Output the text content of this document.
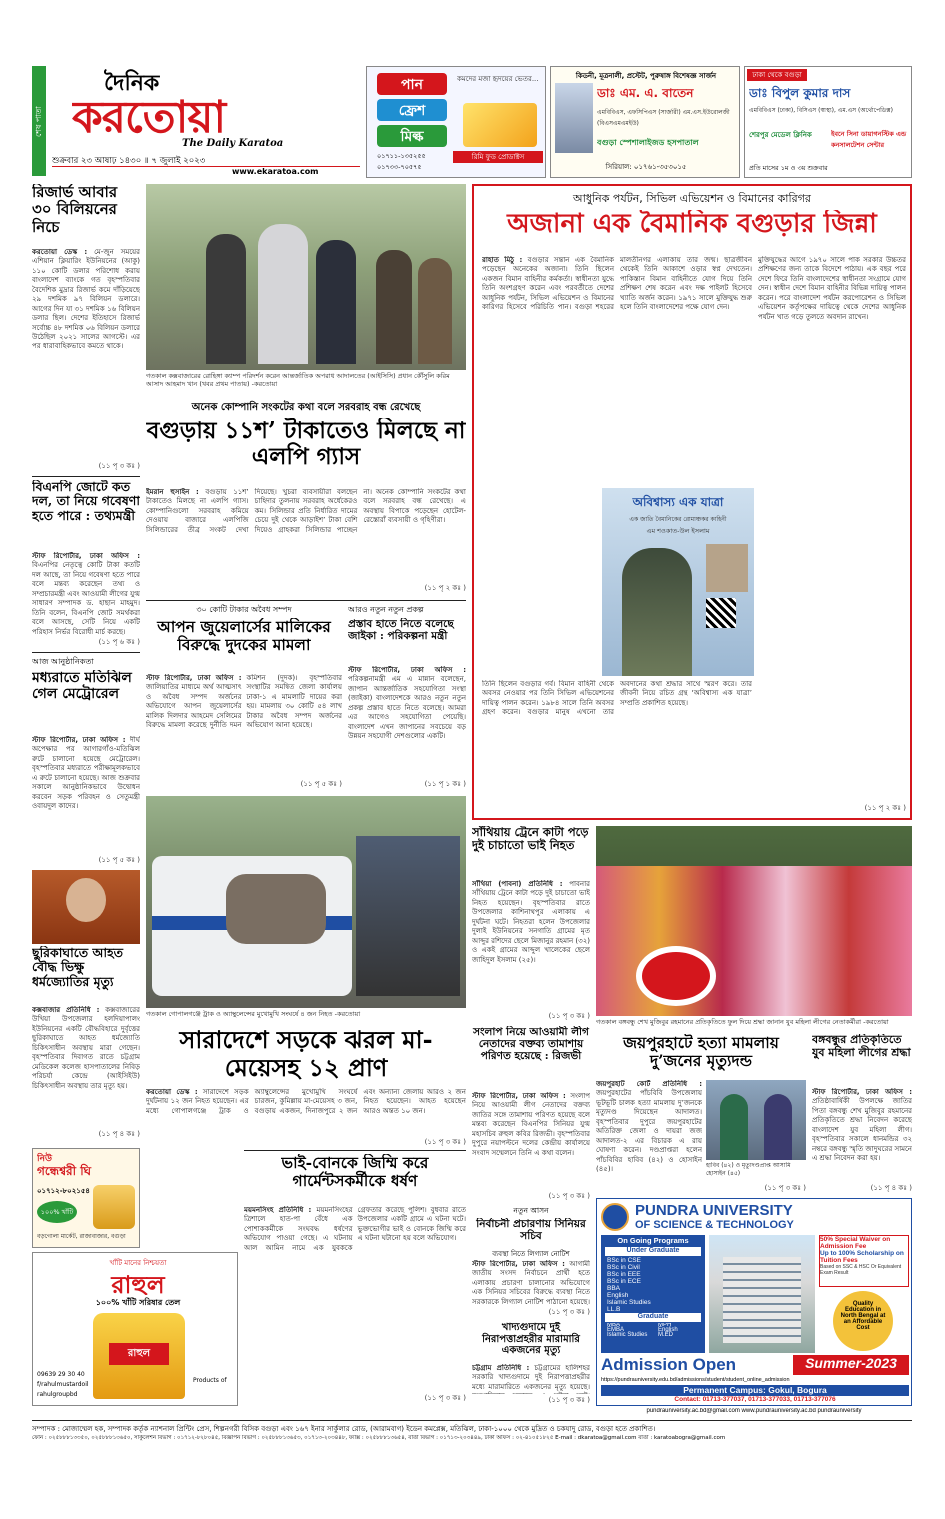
শেষ পাতা
দৈনিক
করতোয়া
The Daily Karatoa
শুক্রবার ২৩ আষাঢ় ১৪৩০ ॥ ৭ জুলাই ২০২৩
www.ekaratoa.com
পান
ফ্রেশ
মিল্ক
কমদের মজা হৃদয়ের ভেতর...
রিমি ফুড প্রোডাক্টস
০১৭১১-১৩৫২৫৫ ০১৭৩৩-৭০৫৭৫
কিডনী, মূত্রনালী, প্রস্টেট, পুরুষাঙ্গ বিশেষজ্ঞ সার্জন
ডাঃ এম. এ. বাতেন
এমবিবিএস, এফসিপিএস (সার্জারী) এম.এস.ইউরোলজী (বিএসএমএমইউ)
বগুড়া স্পেশালাইজড হসপাতাল
সিরিয়াল: ০১৭৬১-৩৫৩০১৫
ঢাকা থেকে বগুড়া
ডাঃ বিপুল কুমার দাস
এমবিবিএস (ঢাকা), বিসিএস (স্বাস্থ্য), এম.এস (অর্থোপেডিক্স)
শেরপুর মেডেল ক্লিনিক	ইবনে সিনা ডায়াগনস্টিক এন্ড কনসালটেশন সেন্টার
প্রতি মাসের ১ম ও ৩য় শুক্রবার
রিজার্ভ আবার ৩০ বিলিয়নের নিচে
করতোয়া ডেস্ক : মে-জুন সময়ের এশিয়ান ক্লিয়ারিং ইউনিয়নের (আকু) ১১০ কোটি ডলার পরিশোধ করায় বাংলাদেশ ব্যাংকে গত বৃহস্পতিবার বৈদেশিক মুদ্রার রিজার্ভ কমে দাঁড়িয়েছে ২৯ দশমিক ৯৭ বিলিয়ন ডলারে। আগের দিন যা ৩১ দশমিক ১৬ বিলিয়ন ডলার ছিল। দেশের ইতিহাসে রিজার্ভ সর্বোচ্চ ৪৮ দশমিক ০৬ বিলিয়ন ডলারে উঠেছিল ২০২১ সালের আগস্টে। এর পর ধারাবাহিকভাবে কমতে থাকে।
(১১ পৃ ৩ কঃ )
বিএনপি জোটে কত দল, তা নিয়ে গবেষণা হতে পারে : তথ্যমন্ত্রী
স্টাফ রিপোর্টার, ঢাকা অফিস : বিএনপির নেতৃত্বে কোটি টাকা কতটি দল আছে, তা নিয়ে গবেষণা হতে পারে বলে মন্তব্য করেছেন তথ্য ও সম্প্রচারমন্ত্রী এবং আওয়ামী লীগের যুগ্ম সাধারণ সম্পাদক ড. হাছান মাহমুদ। তিনি বলেন, বিএনপি জোট সমর্থকরা বলে আসছে, সেটি নিয়ে একটি পরিহাস নির্ভর বিরোধী মার্চ করছে।
(১১ পৃ ৬ কঃ )
আজ আনুষ্ঠানিকতা
মধ্যরাতে মতিঝিল গেল মেট্রোরেল
স্টাফ রিপোর্টার, ঢাকা অফিস : দীর্ঘ অপেক্ষার পর আগারগাঁও-মতিঝিল রুটে চালানো হয়েছে মেট্রোরেল। বৃহস্পতিবার মধ্যরাতে পরীক্ষামূলকভাবে এ রুটে চালানো হয়েছে। আজ শুক্রবার সকালে আনুষ্ঠানিকভাবে উদ্বোধন করবেন সড়ক পরিবহন ও সেতুমন্ত্রী ওবায়দুল কাদের।
(১১ পৃ ৫ কঃ )
ছুরিকাঘাতে আহত বৌদ্ধ ভিক্ষু ধর্মজ্যোতির মৃত্যু
কক্সবাজার প্রতিনিধি : কক্সবাজারের উখিয়া উপজেলার হলদিয়াপালং ইউনিয়নের একটি বৌদ্ধবিহারে দুর্বৃত্তের ছুরিকাঘাতে আহত ধর্মজ্যোতি চিকিৎসাধীন অবস্থায় মারা গেছেন। বৃহস্পতিবার দিবাগত রাতে চট্টগ্রাম মেডিকেল কলেজ হাসপাতালের নিবিড় পরিচর্যা কেন্দ্রে (আইসিইউ) চিকিৎসাধীন অবস্থায় তার মৃত্যু হয়।
(১১ পৃ ৪ কঃ )
নিউ
গন্ধেশ্বরী ঘি
০১৭১২-৮০২১৫৪
১০০% খাঁটি
বড়গোলা মার্কেট, রাজাবাজার, বগুড়া
খাঁটি মানের নিশ্চয়তা
রাহুল
১০০% খাঁটি সরিষার তেল
রাহুল
09639 29 30 40
f/rahulmustardoil
rahulgroupbd
Products of
গতকাল কক্সবাজারের রোহিঙ্গা ক্যাম্প পরিদর্শন করেন আন্তর্জাতিক অপরাধ আদালতের (আইসিসি) প্রধান কৌঁসুলি করিম আসাদ আহমাদ খান (খবর প্রথম পাতায়) -করতোয়া
অনেক কোম্পানি সংকটের কথা বলে সরবরাহ বন্ধ রেখেছে
বগুড়ায় ১১শ’ টাকাতেও মিলছে না এলপি গ্যাস
ইমরান হুসাইন : বগুড়ায় ১১শ’ টাকাতেও মিলছে না এলপি গ্যাস। কোম্পানিগুলো সরবরাহ কমিয়ে দেওয়ায় বাজারে এলপিজি সিলিন্ডারের তীব্র সংকট দেখা দিয়েছে। খুচরা ব্যবসায়ীরা বলছেন চাহিদার তুলনায় সরবরাহ অর্ধেকেরও কম। সিলিন্ডার প্রতি নির্ধারিত দামের চেয়ে দুই থেকে আড়াইশ’ টাকা বেশি দিয়েও গ্রাহকরা সিলিন্ডার পাচ্ছেন না। অনেক কোম্পানি সংকটের কথা বলে সরবরাহ বন্ধ রেখেছে। এ অবস্থায় বিপাকে পড়েছেন হোটেল-রেস্তোরাঁ ব্যবসায়ী ও গৃহিণীরা।
(১১ পৃ ২ কঃ )
৩০ কোটি টাকার অবৈধ সম্পদ
আপন জুয়েলার্সের মালিকের বিরুদ্ধে দুদকের মামলা
স্টাফ রিপোর্টার, ঢাকা অফিস : জালিয়াতির মাধ্যমে অর্থ আত্মসাৎ ও অবৈধ সম্পদ অর্জনের অভিযোগে আপন জুয়েলার্সের মালিক দিলদার আহমেদ সেলিমের বিরুদ্ধে মামলা করেছে দুর্নীতি দমন কমিশন (দুদক)। বৃহস্পতিবার সংস্থাটির সমন্বিত জেলা কার্যালয় ঢাকা-১ এ মামলাটি দায়ের করা হয়। মামলায় ৩০ কোটি ৫৪ লাখ টাকার অবৈধ সম্পদ অর্জনের অভিযোগ আনা হয়েছে।
(১১ পৃ ৫ কঃ )
আরও নতুন নতুন প্রকল্প
প্রস্তাব হাতে নিতে বলেছে জাইকা : পরিকল্পনা মন্ত্রী
স্টাফ রিপোর্টার, ঢাকা অফিস : পরিকল্পনামন্ত্রী এম এ মান্নান বলেছেন, জাপান আন্তর্জাতিক সহযোগিতা সংস্থা (জাইকা) বাংলাদেশকে আরও নতুন নতুন প্রকল্প প্রস্তাব হাতে নিতে বলেছে। আমরা এর আগেও সহযোগিতা পেয়েছি। বাংলাদেশ এখন জাপানের সবচেয়ে বড় উন্নয়ন সহযোগী দেশগুলোর একটি।
(১১ পৃ ১ কঃ )
গতকাল গোপালগঞ্জে ট্রাক ও অ্যাম্বুলেন্সের মুখোমুখি সংঘর্ষে ৪ জন নিহত -করতোয়া
সারাদেশে সড়কে ঝরল মা-মেয়েসহ ১২ প্রাণ
করতোয়া ডেস্ক : সারাদেশে সড়ক দুর্ঘটনায় ১২ জন নিহত হয়েছেন। এর মধ্যে গোপালগঞ্জে ট্রাক ও অ্যাম্বুলেন্সের মুখোমুখি সংঘর্ষে চারজন, কুমিল্লায় মা-মেয়েসহ ৩ জন, বগুড়ায় একজন, দিনাজপুরে ২ জন এবং অন্যান্য জেলায় আরও ২ জন নিহত হয়েছেন। আহত হয়েছেন আরও অন্তত ১০ জন।
(১১ পৃ ৩ কঃ )
ভাই-বোনকে জিম্মি করে গার্মেন্টসকর্মীকে ধর্ষণ
ময়মনসিংহ প্রতিনিধি : ময়মনসিংহের ত্রিশালে হাত-পা বেঁধে এক পোশাককর্মীকে সংঘবদ্ধ ধর্ষণের অভিযোগ পাওয়া গেছে। এ ঘটনায় আল আমিন নামে এক যুবককে গ্রেফতার করেছে পুলিশ। বুধবার রাতে উপজেলার একটি গ্রামে এ ঘটনা ঘটে। ভুক্তভোগীর ভাই ও বোনকে জিম্মি করে এ ঘটনা ঘটানো হয় বলে অভিযোগ।
(১১ পৃ ৩ কঃ )
আধুনিক পর্যটন, সিভিল এভিয়েশন ও বিমানের কারিগর
অজানা এক বৈমানিক বগুড়ার জিন্না
রাহাত মিঠু : বগুড়ার সন্তান এক বৈমানিক পড়েছেন অনেকের অজানা। তিনি ছিলেন একজন বিমান বাহিনীর কর্মকর্তা। স্বাধীনতা যুদ্ধে তিনি অংশগ্রহণ করেন এবং পরবর্তীতে দেশের আধুনিক পর্যটন, সিভিল এভিয়েশন ও বিমানের কারিগর হিসেবে পরিচিতি পান। বগুড়া শহরের মালতীনগর এলাকায় তার জন্ম। ছাত্রজীবন থেকেই তিনি আকাশে ওড়ার স্বপ্ন দেখতেন। পাকিস্তান বিমান বাহিনীতে যোগ দিয়ে তিনি প্রশিক্ষণ শেষ করেন এবং দক্ষ পাইলট হিসেবে খ্যাতি অর্জন করেন। ১৯৭১ সালে মুক্তিযুদ্ধ শুরু হলে তিনি বাংলাদেশের পক্ষে যোগ দেন।
মুক্তিযুদ্ধের আগে ১৯৭০ সালে পাক সরকার উচ্চতর প্রশিক্ষণের জন্য তাকে বিদেশে পাঠায়। এক বছর পরে দেশে ফিরে তিনি বাংলাদেশের স্বাধীনতা সংগ্রামে যোগ দেন। স্বাধীন দেশে বিমান বাহিনীর বিভিন্ন দায়িত্ব পালন করেন। পরে বাংলাদেশ পর্যটন করপোরেশন ও সিভিল এভিয়েশন কর্তৃপক্ষের দায়িত্বে থেকে দেশের আধুনিক পর্যটন খাত গড়ে তুলতে অবদান রাখেন।
অবিশ্বাস্য এক যাত্রা
এক জাতি বৈমানিকের রোমাঞ্চকর কাহিনী
এম শওকাত-উল ইসলাম
তিনি ছিলেন বগুড়ার গর্ব। বিমান বাহিনী থেকে অবসর নেওয়ার পর তিনি সিভিল এভিয়েশনের দায়িত্ব পালন করেন। ১৯৮৪ সালে তিনি অবসর গ্রহণ করেন। বগুড়ার মানুষ এখনো তার অবদানের কথা শ্রদ্ধার সাথে স্মরণ করে। তার জীবনী নিয়ে রচিত গ্রন্থ ‘অবিশ্বাস্য এক যাত্রা’ সম্প্রতি প্রকাশিত হয়েছে।
(১১ পৃ ২ কঃ )
সাঁথিয়ায় ট্রেনে কাটা পড়ে দুই চাচাতো ভাই নিহত
সাঁথিয়া (পাবনা) প্রতিনিধি : পাবনার সাঁথিয়ায় ট্রেনে কাটা পড়ে দুই চাচাতো ভাই নিহত হয়েছেন। বৃহস্পতিবার রাতে উপজেলার কাশিনাথপুর এলাকায় এ দুর্ঘটনা ঘটে। নিহতরা হলেন উপজেলার দুলাই ইউনিয়নের সনগাতি গ্রামের মৃত আব্দুর রশিদের ছেলে মিজানুর রহমান (৩২) ও একই গ্রামের আব্দুল খালেকের ছেলে জাহিদুল ইসলাম (২৫)।
(১১ পৃ ৩ কঃ )
গতকাল বঙ্গবন্ধু শেখ মুজিবুর রহমানের প্রতিকৃতিতে ফুল দিয়ে শ্রদ্ধা জানান যুব মহিলা লীগের নেতাকর্মীরা -করতোয়া
সংলাপ নিয়ে আওয়ামী লীগ নেতাদের বক্তব্য তামাশায় পরিণত হয়েছে : রিজভী
স্টাফ রিপোর্টার, ঢাকা অফিস : সংলাপ নিয়ে আওয়ামী লীগ নেতাদের বক্তব্য জাতির সঙ্গে তামাশায় পরিণত হয়েছে বলে মন্তব্য করেছেন বিএনপির সিনিয়র যুগ্ম মহাসচিব রুহুল কবির রিজভী। বৃহস্পতিবার দুপুরে নয়াপল্টনে দলের কেন্দ্রীয় কার্যালয়ে সংবাদ সম্মেলনে তিনি এ কথা বলেন।
(১১ পৃ ৩ কঃ )
জয়পুরহাটে হত্যা মামলায় দু’জনের মৃত্যুদন্ড
জয়পুরহাট কোর্ট প্রতিনিধি : জয়পুরহাটের পাঁচবিবি উপজেলায় ভূটভূটি চালক হত্যা মামলায় দু’জনকে মৃত্যুদণ্ড দিয়েছেন আদালত। বৃহস্পতিবার দুপুরে জয়পুরহাটের অতিরিক্ত জেলা ও দায়রা জজ আদালত-২ এর বিচারক এ রায় ঘোষণা করেন। দণ্ডপ্রাপ্তরা হলেন পাঁচবিবির হাবিব (৪২) ও হোসাইন (৪৫)।	হাবিব (৪২) ও মৃত্যুদণ্ডপ্রাপ্ত আসামি হোসাইন (৪৫)
(১১ পৃ ৩ কঃ )
বঙ্গবন্ধুর প্রতিকৃতিতে যুব মহিলা লীগের শ্রদ্ধা
স্টাফ রিপোর্টার, ঢাকা অফিস : প্রতিষ্ঠাবার্ষিকী উপলক্ষে জাতির পিতা বঙ্গবন্ধু শেখ মুজিবুর রহমানের প্রতিকৃতিতে শ্রদ্ধা নিবেদন করেছে বাংলাদেশ যুব মহিলা লীগ। বৃহস্পতিবার সকালে ধানমন্ডির ৩২ নম্বরে বঙ্গবন্ধু স্মৃতি জাদুঘরের সামনে এ শ্রদ্ধা নিবেদন করা হয়।
(১১ পৃ ৪ কঃ )
নতুন আসন
নির্বাচনী প্রচারণায় সিনিয়র সচিব
ব্যবস্থা নিতে লিগ্যাল নোটিশ
স্টাফ রিপোর্টার, ঢাকা অফিস : আগামী জাতীয় সংসদ নির্বাচনে প্রার্থী হতে এলাকায় প্রচারণা চালানোর অভিযোগে এক সিনিয়র সচিবের বিরুদ্ধে ব্যবস্থা নিতে সরকারকে লিগ্যাল নোটিশ পাঠানো হয়েছে।
(১১ পৃ ৩ কঃ )
খাদ্যগুদামে দুই নিরাপত্তাপ্রহরীর মারামারি একজনের মৃত্যু
চট্টগ্রাম প্রতিনিধি : চট্টগ্রামের হালিশহর সরকারি খাদ্যগুদামে দুই নিরাপত্তাপ্রহরীর মধ্যে মারামারিতে একজনের মৃত্যু হয়েছে।
(১১ পৃ ৩ কঃ )
PUNDRA UNIVERSITY
OF SCIENCE & TECHNOLOGY
On Going Programs
Under Graduate
BSc in CSE
BSc in Civil
BSc in EEE
BSc in ECE
BBA
English
Islamic Studies
LL.B
Graduate
MBA
EMBA
Islamic Studies
MPH
English
M.ED
50% Special Waiver on
Admission Fee
Up to 100% Scholarship on
Tuition Fees
Based on SSC & HSC Or Equivalent Exam Result
Quality Education in North Bengal at an Affordable Cost
Admission Open	Summer-2023
https://pundrauniversity.edu.bd/admissions/student/student_online_admission
Permanent Campus: Gokul, Bogura
Contact: 01713-377037, 01713-377033, 01713-377076
pundrauniversity.ac.bd@gmail.com www.pundrauniversity.ac.bd pundrauniversity
সম্পাদক : মোজাম্মেল হক, সম্পাদক কর্তৃক ন্যাশনাল প্রিন্টিং প্রেস, শিল্পনগরী বিসিক বগুড়া এবং ১৬৭ ইনার সার্কুলার রোড, (আরামবাগ) ইডেন কমপ্লেক্স, মতিঝিল, ঢাকা-১০০০ থেকে মুদ্রিত ও চকযাদু রোড, বগুড়া হতে প্রকাশিত।
ফোন : ০২৫৮৮৮১৩৩৫০, ০২৫৮৮৮১৩৬৫০, সার্কুলেশন বিভাগ : ০১৭১২-৮২৮০৪৫, বিজ্ঞাপন বিভাগ : ০২৫৮৮৮১৩৬৫৩, ০১৭১৩-২০৩৪৪৮, ফ্যাক্স : ০২৫৮৮৮১৩৬৫৪, বার্তা বিভাগ : ০১৭১৩-২০৩৪৪৯, ঢাকা অফিস : ০২-৪১০৫১৮২৫ E-mail : dkaratoa@gmail.com বার্তা : karatoabogra@gmail.com
